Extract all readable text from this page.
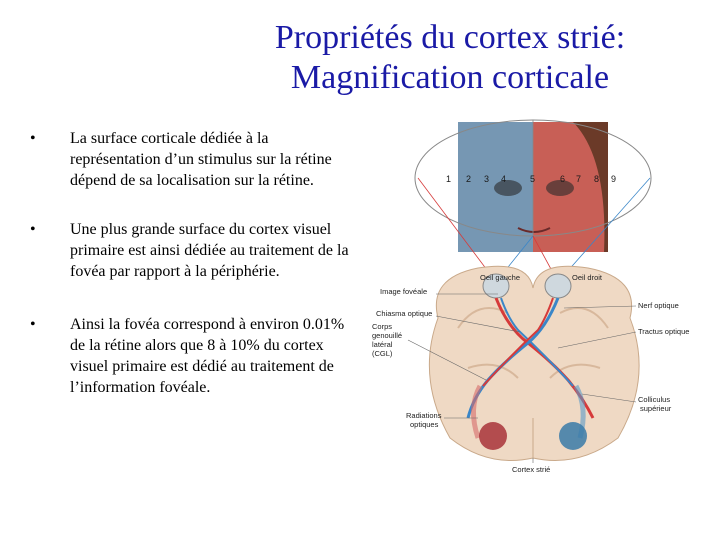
Propriétés du cortex strié:
Magnification corticale
• La surface corticale dédiée à la représentation d’un stimulus sur la rétine dépend de sa localisation sur la rétine.
• Une plus grande surface du cortex visuel primaire est ainsi dédiée au traitement de la fovéa par rapport à la périphérie.
• Ainsi la fovéa correspond à environ 0.01% de la rétine alors que 8 à 10% du cortex visuel primaire est dédié au traitement de l’information fovéale.
1 2 3 4	5	6 7 8 9
Oeil gauche	Oeil droit
Image fovéale
Nerf optique
Chiasma optique
Tractus optique
Corps
genouillé
latéral
(CGL)
Colliculus
supérieur
Radiations
optiques
Cortex strié
